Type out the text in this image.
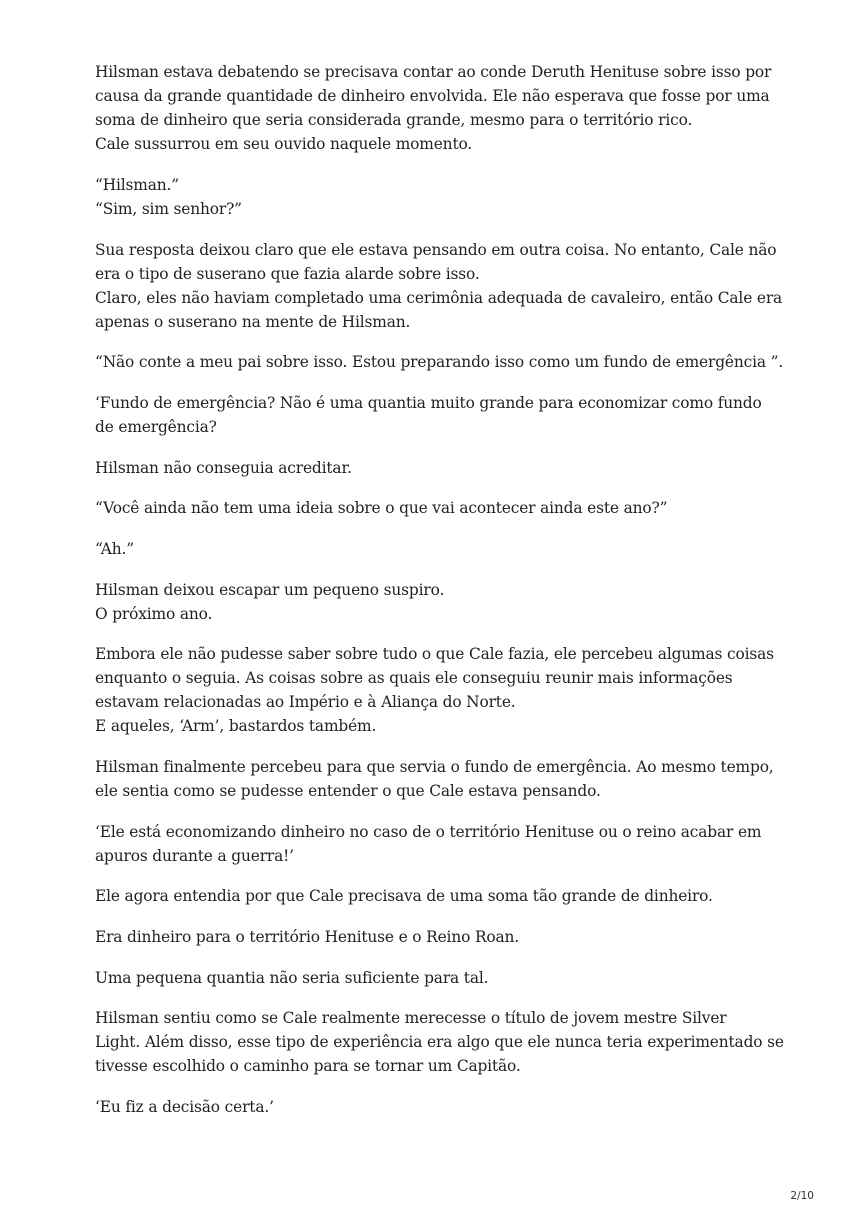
Hilsman estava debatendo se precisava contar ao conde Deruth Henituse sobre isso por
causa da grande quantidade de dinheiro envolvida. Ele não esperava que fosse por uma
soma de dinheiro que seria considerada grande, mesmo para o território rico.
Cale sussurrou em seu ouvido naquele momento.

“Hilsman.”
“Sim, sim senhor?”

Sua resposta deixou claro que ele estava pensando em outra coisa. No entanto, Cale não
era o tipo de suserano que fazia alarde sobre isso.
Claro, eles não haviam completado uma cerimônia adequada de cavaleiro, então Cale era
apenas o suserano na mente de Hilsman.

“Não conte a meu pai sobre isso. Estou preparando isso como um fundo de emergência ”.

‘Fundo de emergência? Não é uma quantia muito grande para economizar como fundo
de emergência?

Hilsman não conseguia acreditar.

“Você ainda não tem uma ideia sobre o que vai acontecer ainda este ano?”

“Ah.”

Hilsman deixou escapar um pequeno suspiro.
O próximo ano.

Embora ele não pudesse saber sobre tudo o que Cale fazia, ele percebeu algumas coisas
enquanto o seguia. As coisas sobre as quais ele conseguiu reunir mais informações
estavam relacionadas ao Império e à Aliança do Norte.
E aqueles, ‘Arm’, bastardos também.

Hilsman finalmente percebeu para que servia o fundo de emergência. Ao mesmo tempo,
ele sentia como se pudesse entender o que Cale estava pensando.

‘Ele está economizando dinheiro no caso de o território Henituse ou o reino acabar em
apuros durante a guerra!’

Ele agora entendia por que Cale precisava de uma soma tão grande de dinheiro.

Era dinheiro para o território Henituse e o Reino Roan.

Uma pequena quantia não seria suficiente para tal.

Hilsman sentiu como se Cale realmente merecesse o título de jovem mestre Silver
Light. Além disso, esse tipo de experiência era algo que ele nunca teria experimentado se
tivesse escolhido o caminho para se tornar um Capitão.

‘Eu fiz a decisão certa.’

2/10
